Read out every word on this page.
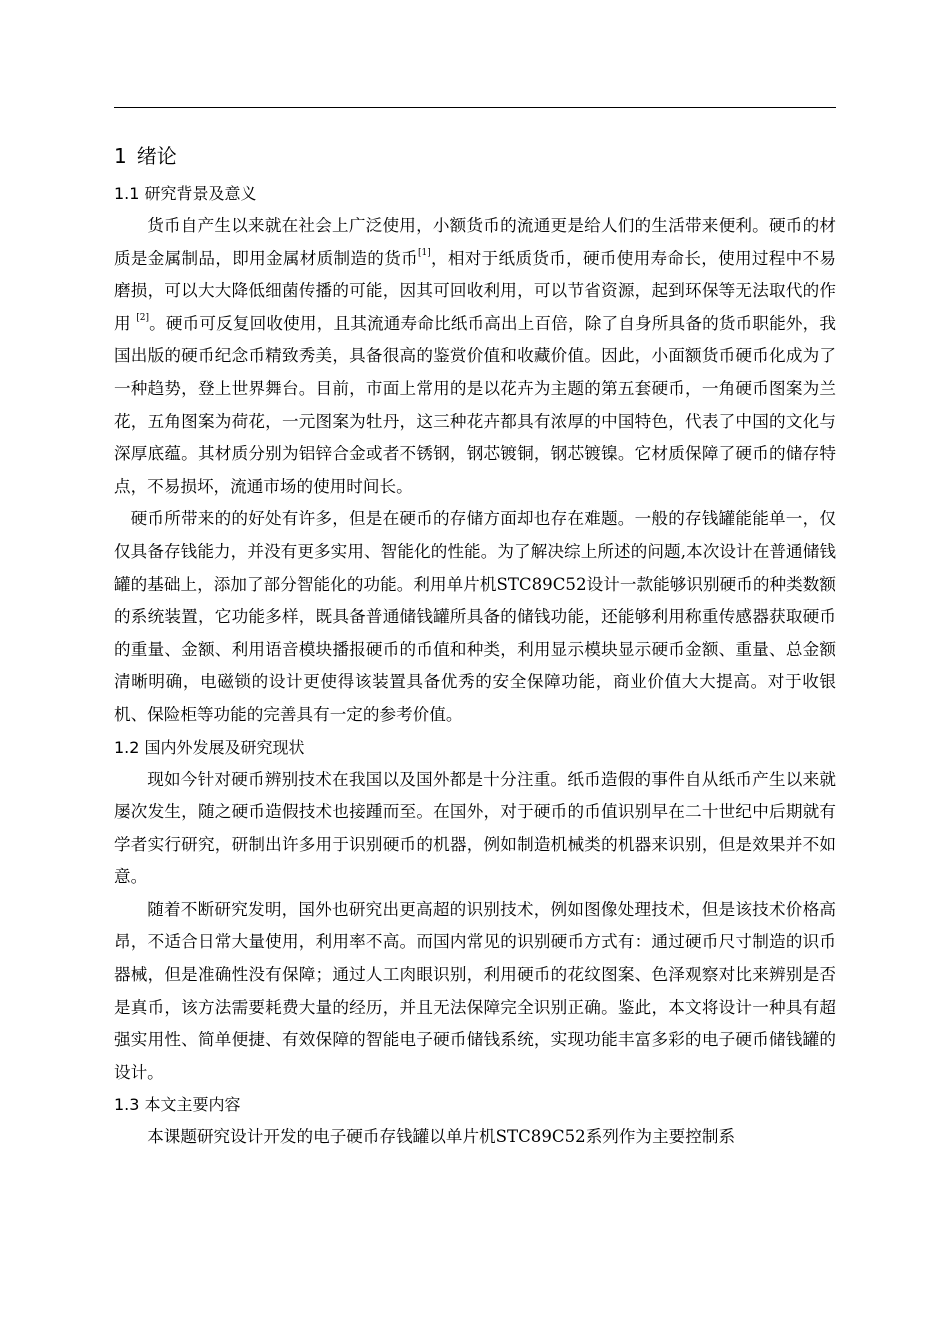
1 绪论
1.1 研究背景及意义

货币自产生以来就在社会上广泛使用，小额货币的流通更是给人们的生活带来便利。硬币的材质是金属制品，即用金属材质制造的货币[1]，相对于纸质货币，硬币使用寿命长，使用过程中不易磨损，可以大大降低细菌传播的可能，因其可回收利用，可以节省资源，起到环保等无法取代的作用 [2]。硬币可反复回收使用，且其流通寿命比纸币高出上百倍，除了自身所具备的货币职能外，我国出版的硬币纪念币精致秀美，具备很高的鉴赏价值和收藏价值。因此，小面额货币硬币化成为了一种趋势，登上世界舞台。目前，市面上常用的是以花卉为主题的第五套硬币，一角硬币图案为兰花，五角图案为荷花，一元图案为牡丹，这三种花卉都具有浓厚的中国特色，代表了中国的文化与深厚底蕴。其材质分别为铝锌合金或者不锈钢，钢芯镀铜，钢芯镀镍。它材质保障了硬币的储存特点，不易损坏，流通市场的使用时间长。

硬币所带来的的好处有许多，但是在硬币的存储方面却也存在难题。一般的存钱罐能能单一，仅仅具备存钱能力，并没有更多实用、智能化的性能。为了解决综上所述的问题,本次设计在普通储钱罐的基础上，添加了部分智能化的功能。利用单片机STC89C52设计一款能够识别硬币的种类数额的系统装置，它功能多样，既具备普通储钱罐所具备的储钱功能，还能够利用称重传感器获取硬币的重量、金额、利用语音模块播报硬币的币值和种类，利用显示模块显示硬币金额、重量、总金额清晰明确，电磁锁的设计更使得该装置具备优秀的安全保障功能，商业价值大大提高。对于收银机、保险柜等功能的完善具有一定的参考价值。

1.2 国内外发展及研究现状

现如今针对硬币辨别技术在我国以及国外都是十分注重。纸币造假的事件自从纸币产生以来就屡次发生，随之硬币造假技术也接踵而至。在国外，对于硬币的币值识别早在二十世纪中后期就有学者实行研究，研制出许多用于识别硬币的机器，例如制造机械类的机器来识别，但是效果并不如意。

随着不断研究发明，国外也研究出更高超的识别技术，例如图像处理技术，但是该技术价格高昂，不适合日常大量使用，利用率不高。而国内常见的识别硬币方式有：通过硬币尺寸制造的识币器械，但是准确性没有保障；通过人工肉眼识别，利用硬币的花纹图案、色泽观察对比来辨别是否是真币，该方法需要耗费大量的经历，并且无法保障完全识别正确。鉴此，本文将设计一种具有超强实用性、简单便捷、有效保障的智能电子硬币储钱系统，实现功能丰富多彩的电子硬币储钱罐的设计。

1.3 本文主要内容

本课题研究设计开发的电子硬币存钱罐以单片机STC89C52系列作为主要控制系
